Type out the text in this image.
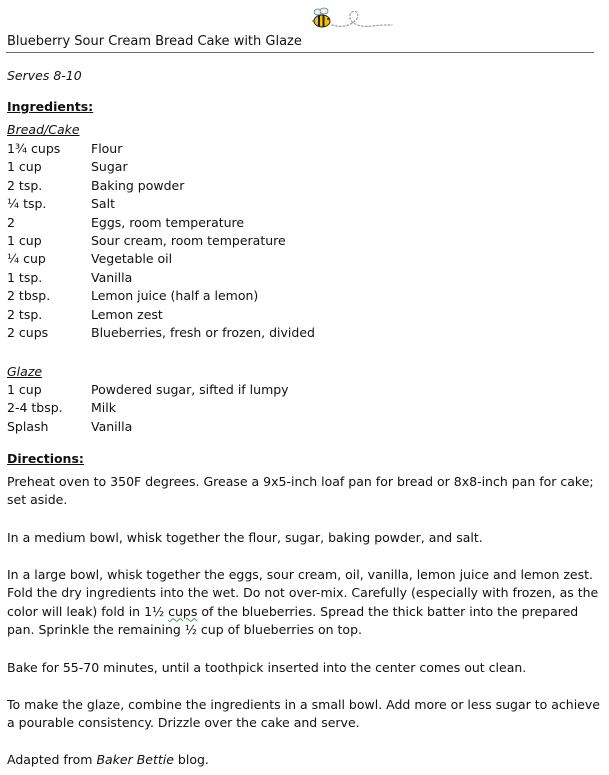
Blueberry Sour Cream Bread Cake with Glaze
Serves 8-10
Ingredients:
Bread/Cake
1¾ cups Flour
1 cup	Sugar
2 tsp.	Baking powder
¼ tsp.	Salt
2	Eggs, room temperature
1 cup	Sour cream, room temperature
¼ cup	Vegetable oil
1 tsp.	Vanilla
2 tbsp.	Lemon juice (half a lemon)
2 tsp.	Lemon zest
2 cups	Blueberries, fresh or frozen, divided
Glaze
1 cup	Powdered sugar, sifted if lumpy
2-4 tbsp. Milk
Splash	Vanilla
Directions:

Preheat oven to 350F degrees. Grease a 9x5-inch loaf pan for bread or 8x8-inch pan for cake; set aside.

In a medium bowl, whisk together the flour, sugar, baking powder, and salt.

In a large bowl, whisk together the eggs, sour cream, oil, vanilla, lemon juice and lemon zest. Fold the dry ingredients into the wet. Do not over-mix. Carefully (especially with frozen, as the color will leak) fold in 1½ cups of the blueberries. Spread the thick batter into the prepared pan. Sprinkle the remaining ½ cup of blueberries on top.

Bake for 55-70 minutes, until a toothpick inserted into the center comes out clean.

To make the glaze, combine the ingredients in a small bowl. Add more or less sugar to achieve a pourable consistency. Drizzle over the cake and serve.

Adapted from Baker Bettie blog.
